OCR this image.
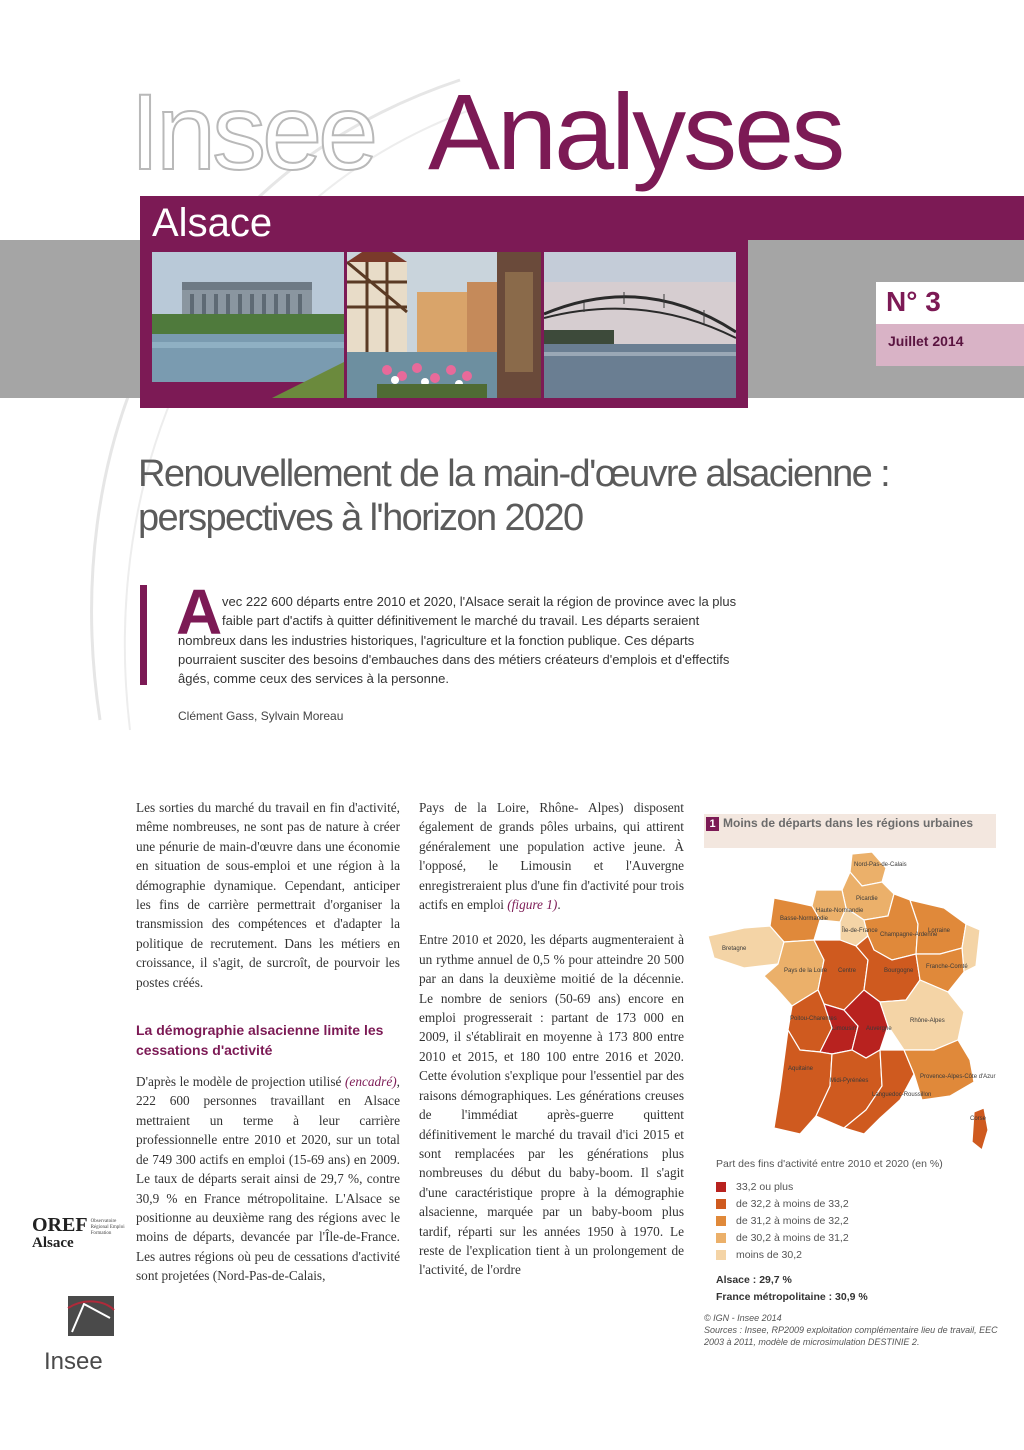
Insee Analyses
Alsace
N° 3
Juillet 2014
Renouvellement de la main-d'œuvre alsacienne :
perspectives à l'horizon 2020
A vec 222 600 départs entre 2010 et 2020, l'Alsace serait la région de province avec la plus
faible part d'actifs à quitter définitivement le marché du travail. Les départs seraient
nombreux dans les industries historiques, l'agriculture et la fonction publique. Ces départs
pourraient susciter des besoins d'embauches dans des métiers créateurs d'emplois et d'effectifs
âgés, comme ceux des services à la personne.
Clément Gass, Sylvain Moreau

Les sorties du marché du travail en fin d'activité, même nombreuses, ne sont pas de nature à créer une pénurie de main-d'œuvre dans une économie en situation de sous-emploi et une région à la démographie dynamique. Cependant, anticiper les fins de carrière permettrait d'organiser la transmission des compétences et d'adapter la politique de recrutement. Dans les métiers en croissance, il s'agit, de surcroît, de pourvoir les postes créés.

La démographie alsacienne limite les cessations d'activité

D'après le modèle de projection utilisé (encadré), 222 600 personnes travaillant en Alsace mettraient un terme à leur carrière professionnelle entre 2010 et 2020, sur un total de 749 300 actifs en emploi (15-69 ans) en 2009. Le taux de départs serait ainsi de 29,7 %, contre 30,9 % en France métropolitaine. L'Alsace se positionne au deuxième rang des régions avec le moins de départs, devancée par l'Île-de-France. Les autres régions où peu de cessations d'activité sont projetées (Nord-Pas-de-Calais,

Pays de la Loire, Rhône- Alpes) disposent également de grands pôles urbains, qui attirent généralement une population active jeune. À l'opposé, le Limousin et l'Auvergne enregistreraient plus d'une fin d'activité pour trois actifs en emploi (figure 1).

Entre 2010 et 2020, les départs augmenteraient à un rythme annuel de 0,5 % pour atteindre 20 500 par an dans la deuxième moitié de la décennie. Le nombre de seniors (50-69 ans) encore en emploi progresserait : partant de 173 000 en 2009, il s'établirait en moyenne à 173 800 entre 2010 et 2015, et 180 100 entre 2016 et 2020. Cette évolution s'explique pour l'essentiel par des raisons démographiques. Les générations creuses de l'immédiat après-guerre quittent définitivement le marché du travail d'ici 2015 et sont remplacées par les générations plus nombreuses du début du baby-boom. Il s'agit d'une caractéristique propre à la démographie alsacienne, marquée par un baby-boom plus tardif, réparti sur les années 1950 à 1970. Le reste de l'explication tient à un prolongement de l'activité, de l'ordre

Moins de départs dans les régions urbaines
1
Nord-Pas-de-Calais
Picardie
Haute-Normandie
Basse-Normandie
Île-de-France
Champagne-Ardenne
Lorraine
Bretagne
Pays de la Loire Centre	Bourgogne
Franche-Comté
Poitou-Charentes
Limousin Auvergne
Rhône-Alpes
Aquitaine
Midi-Pyrénées
Languedoc-Roussillon
Provence-Alpes-Côte d'Azur
Corse
Part des fins d'activité entre 2010 et 2020 (en %)
33,2 ou plus
de 32,2 à moins de 33,2
de 31,2 à moins de 32,2
de 30,2 à moins de 31,2
moins de 30,2
Alsace : 29,7 %
France métropolitaine : 30,9 %
© IGN - Insee 2014
Sources : Insee, RP2009 exploitation complémentaire lieu de travail, EEC 2003 à 2011, modèle de microsimulation DESTINIE 2.
OREF
Alsace
Observatoire Régional Emploi Formation
Insee
